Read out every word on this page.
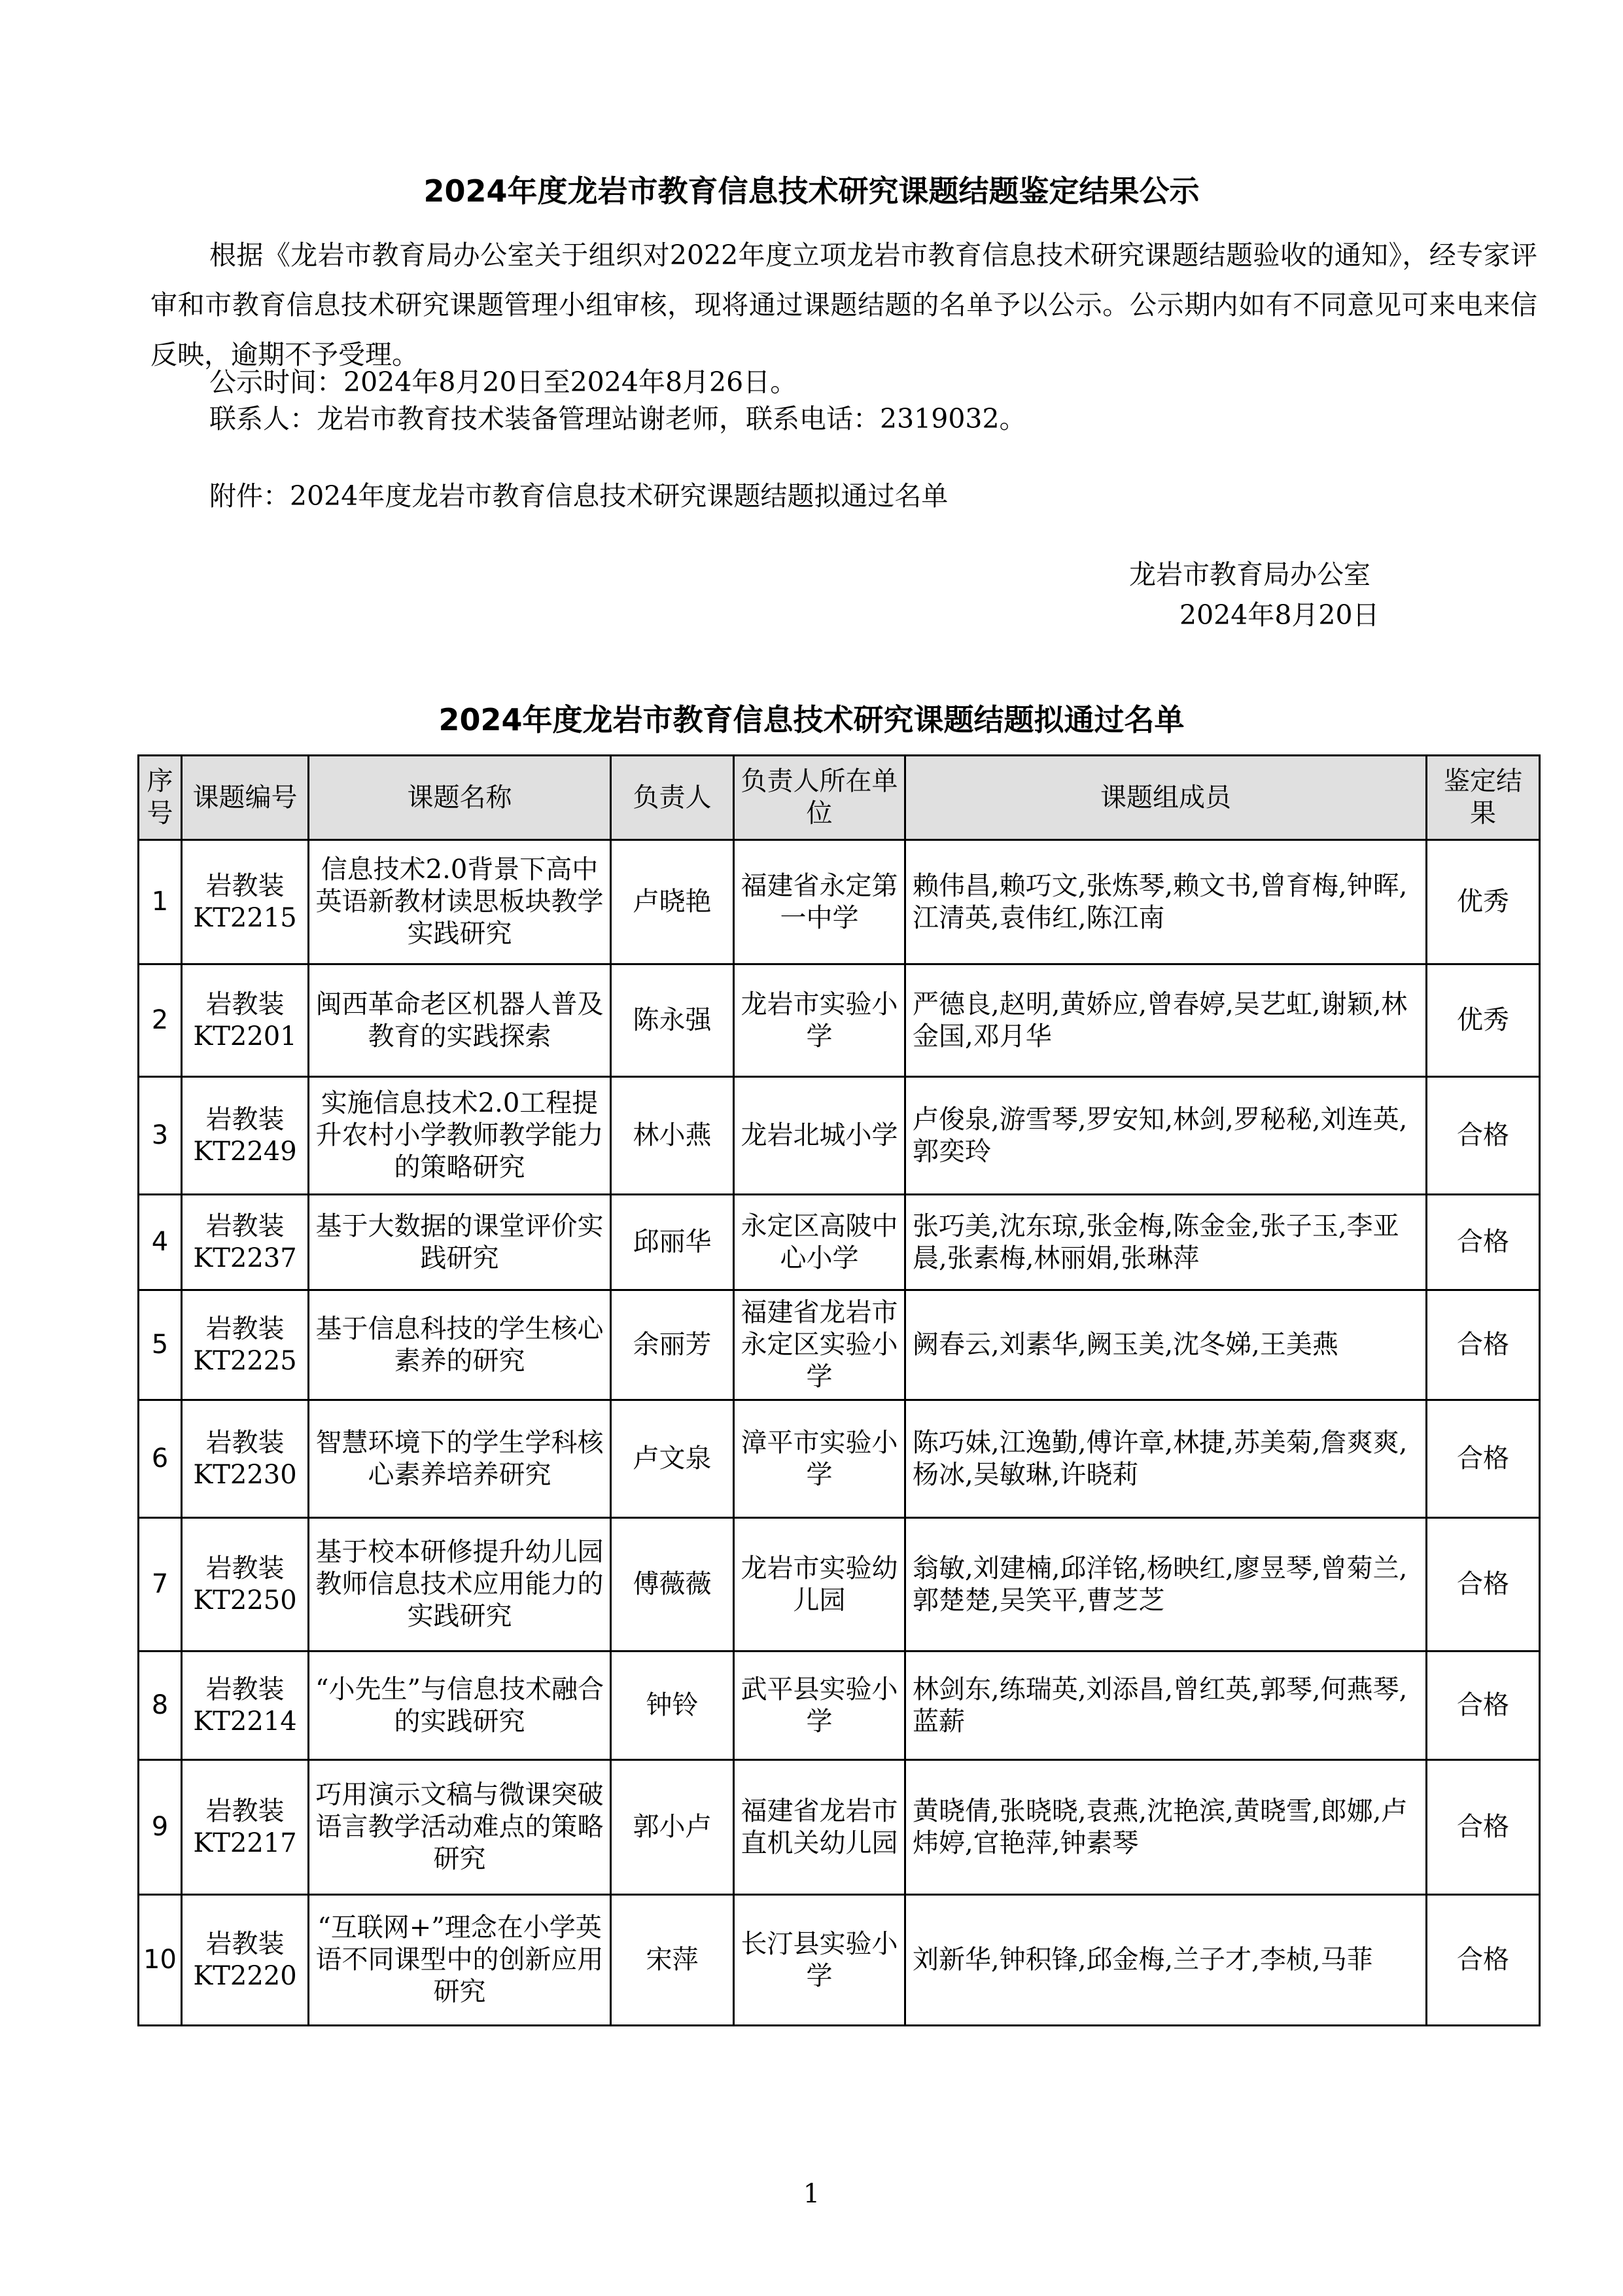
2024年度龙岩市教育信息技术研究课题结题鉴定结果公示
根据《龙岩市教育局办公室关于组织对2022年度立项龙岩市教育信息技术研究课题结题验收的通知》，经专家评审和市教育信息技术研究课题管理小组审核，现将通过课题结题的名单予以公示。公示期内如有不同意见可来电来信反映，逾期不予受理。
公示时间：2024年8月20日至2024年8月26日。
联系人：龙岩市教育技术装备管理站谢老师，联系电话：2319032。
附件：2024年度龙岩市教育信息技术研究课题结题拟通过名单
龙岩市教育局办公室
2024年8月20日
2024年度龙岩市教育信息技术研究课题结题拟通过名单
序号	课题编号	课题名称	负责人	负责人所在单位	课题组成员	鉴定结果
1	岩教装KT2215	信息技术2.0背景下高中英语新教材读思板块教学实践研究	卢晓艳	福建省永定第一中学	赖伟昌,赖巧文,张炼琴,赖文书,曾育梅,钟晖,江清英,袁伟红,陈江南	优秀
2	岩教装KT2201	闽西革命老区机器人普及教育的实践探索	陈永强	龙岩市实验小学	严德良,赵明,黄娇应,曾春婷,吴艺虹,谢颖,林金国,邓月华	优秀
3	岩教装KT2249	实施信息技术2.0工程提升农村小学教师教学能力的策略研究	林小燕	龙岩北城小学	卢俊泉,游雪琴,罗安知,林剑,罗秘秘,刘连英,郭奕玲	合格
4	岩教装KT2237	基于大数据的课堂评价实践研究	邱丽华	永定区高陂中心小学	张巧美,沈东琼,张金梅,陈金金,张子玉,李亚晨,张素梅,林丽娟,张琳萍	合格
5	岩教装KT2225	基于信息科技的学生核心素养的研究	余丽芳	福建省龙岩市永定区实验小学	阙春云,刘素华,阙玉美,沈冬娣,王美燕	合格
6	岩教装KT2230	智慧环境下的学生学科核心素养培养研究	卢文泉	漳平市实验小学	陈巧妹,江逸勤,傅许章,林捷,苏美菊,詹爽爽,杨冰,吴敏琳,许晓莉	合格
7	岩教装KT2250	基于校本研修提升幼儿园教师信息技术应用能力的实践研究	傅薇薇	龙岩市实验幼儿园	翁敏,刘建楠,邱洋铭,杨映红,廖昱琴,曾菊兰,郭楚楚,吴笑平,曹芝芝	合格
8	岩教装KT2214	“小先生”与信息技术融合的实践研究	钟铃	武平县实验小学	林剑东,练瑞英,刘添昌,曾红英,郭琴,何燕琴,蓝薪	合格
9	岩教装KT2217	巧用演示文稿与微课突破语言教学活动难点的策略研究	郭小卢	福建省龙岩市直机关幼儿园	黄晓倩,张晓晓,袁燕,沈艳滨,黄晓雪,郎娜,卢炜婷,官艳萍,钟素琴	合格
10	岩教装KT2220	“互联网+”理念在小学英语不同课型中的创新应用研究	宋萍	长汀县实验小学	刘新华,钟积锋,邱金梅,兰子才,李桢,马菲	合格
1
